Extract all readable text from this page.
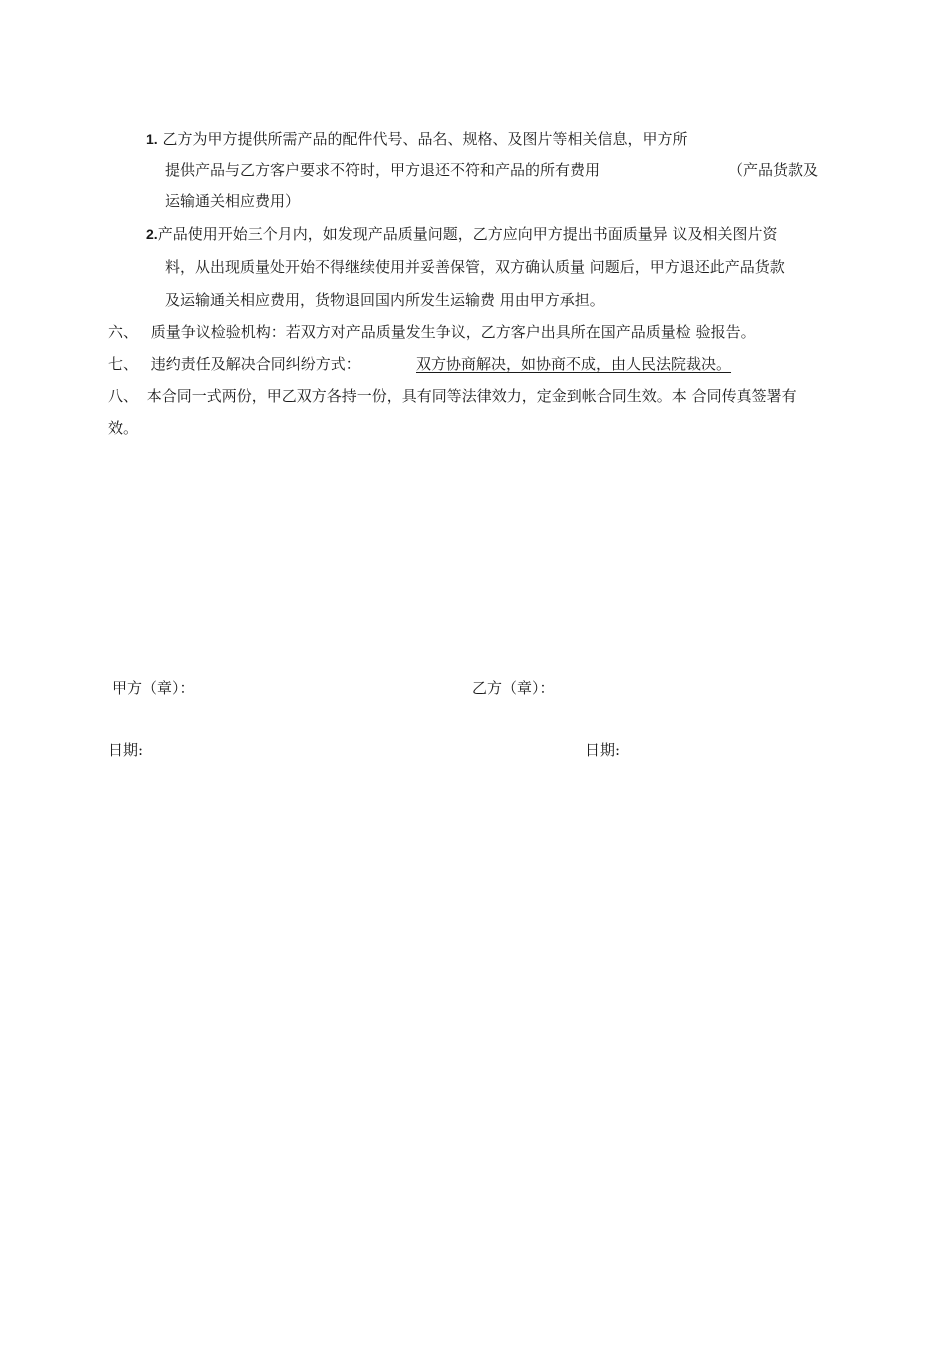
1. 乙方为甲方提供所需产品的配件代号、品名、规格、及图片等相关信息，甲方所
提供产品与乙方客户要求不符时，甲方退还不符和产品的所有费用	（产品货款及
运输通关相应费用）
2.产品使用开始三个月内，如发现产品质量问题，乙方应向甲方提出书面质量异 议及相关图片资
料，从出现质量处开始不得继续使用并妥善保管，双方确认质量 问题后，甲方退还此产品货款
及运输通关相应费用，货物退回国内所发生运输费 用由甲方承担。
六、 质量争议检验机构：若双方对产品质量发生争议，乙方客户出具所在国产品质量检 验报告。
七、 违约责任及解决合同纠纷方式：	双方协商解决，如协商不成，由人民法院裁决。
八、 本合同一式两份，甲乙双方各持一份，具有同等法律效力，定金到帐合同生效。本 合同传真签署有
效。
甲方（章）：	乙方（章）：
日期:	日期:
